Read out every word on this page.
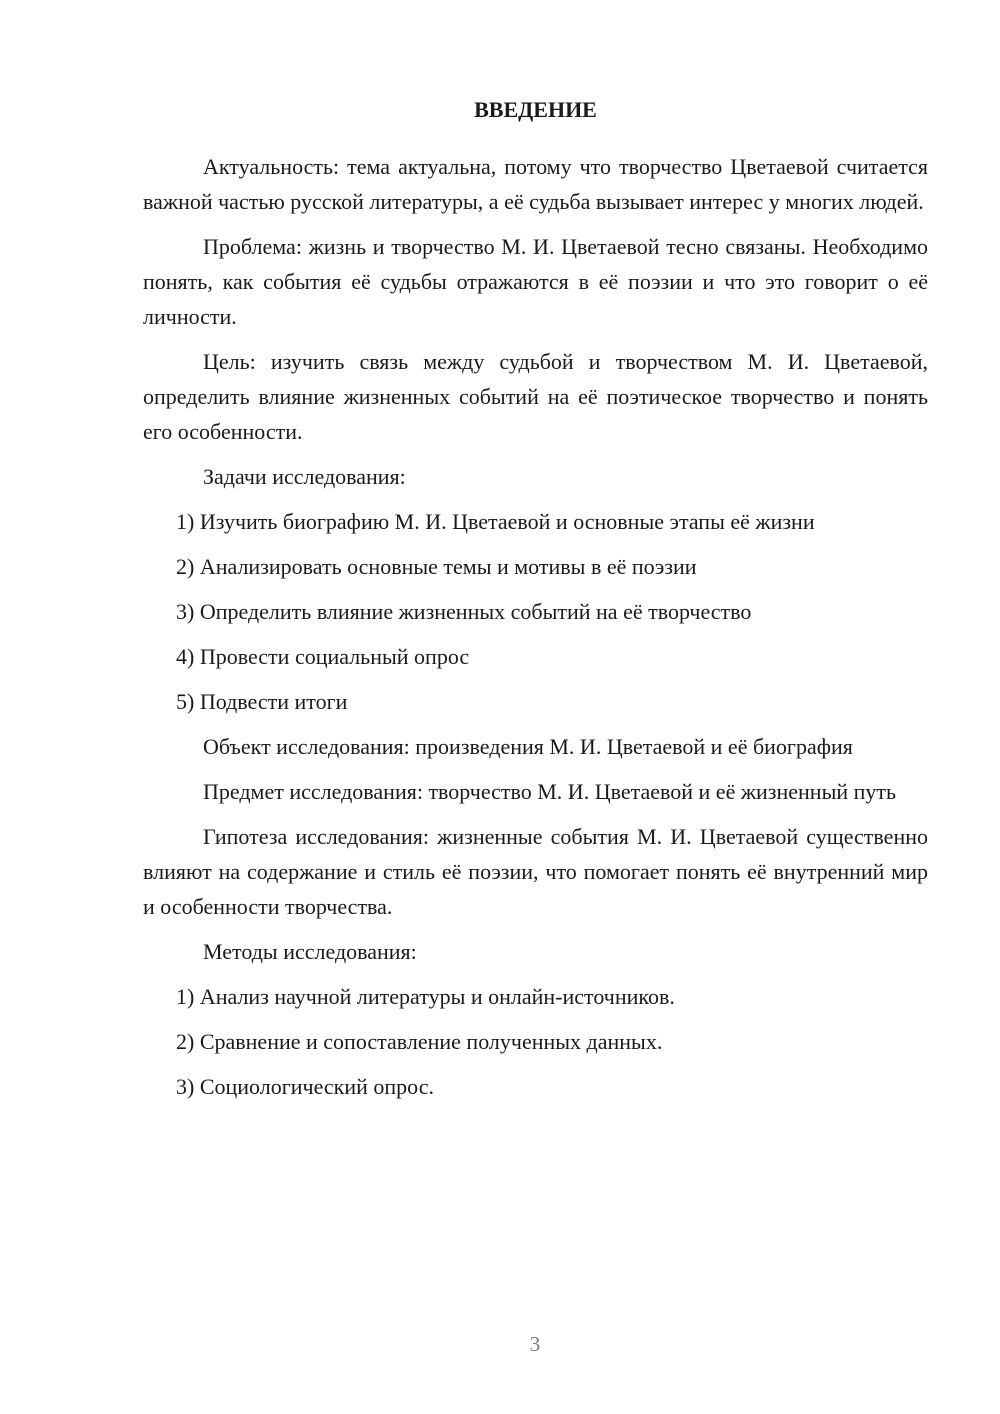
ВВЕДЕНИЕ

Актуальность: тема актуальна, потому что творчество Цветаевой считается важной частью русской литературы, а её судьба вызывает интерес у многих людей.

Проблема: жизнь и творчество М. И. Цветаевой тесно связаны. Необходимо понять, как события её судьбы отражаются в её поэзии и что это говорит о её личности.

Цель: изучить связь между судьбой и творчеством М. И. Цветаевой, определить влияние жизненных событий на её поэтическое творчество и понять его особенности.

Задачи исследования:

1) Изучить биографию М. И. Цветаевой и основные этапы её жизни

2) Анализировать основные темы и мотивы в её поэзии

3) Определить влияние жизненных событий на её творчество

4) Провести социальный опрос

5) Подвести итоги

Объект исследования: произведения М. И. Цветаевой и её биография

Предмет исследования: творчество М. И. Цветаевой и её жизненный путь

Гипотеза исследования: жизненные события М. И. Цветаевой существенно влияют на содержание и стиль её поэзии, что помогает понять её внутренний мир и особенности творчества.

Методы исследования:

1) Анализ научной литературы и онлайн-источников.

2) Сравнение и сопоставление полученных данных.

3) Социологический опрос.

3
